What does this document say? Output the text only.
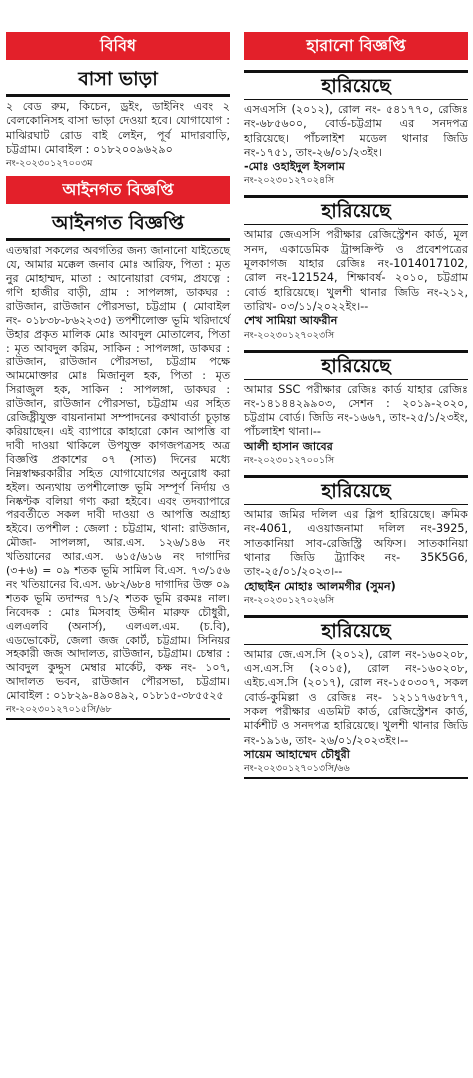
বিবিধ
বাসা ভাড়া
২ বেড রুম, কিচেন, ড্রইং, ডাইনিং এবং ২ বেলকোনিসহ বাসা ভাড়া দেওয়া হবে। যোগাযোগ : মাঝিরঘাট রোড বাই লেইন, পূর্ব মাদারবাড়ি, চট্টগ্রাম। মোবাইল : ০১৮২০০৯৬২৯০
নং-২০২৩০১২৭০০৩ম
আইনগত বিজ্ঞপ্তি
আইনগত বিজ্ঞপ্তি
এতদ্বারা সকলের অবগতির জন্য জানানো যাইতেছে যে, আমার মক্কেল জনাব মোঃ আরিফ, পিতা : মৃত নুর মোহাম্মদ, মাতা : আনোয়ারা বেগম, প্রযত্নে : গণি হাজীর বাড়ী, গ্রাম : সাপলঙ্গা, ডাকঘর : রাউজান, রাউজান পৌরসভা, চট্টগ্রাম ( মোবাইল নং- ০১৮৩৮-৮৬২২৩৫) তপশীলোক্ত ভূমি খরিদার্থে উহার প্রকৃত মালিক মোঃ আবদুল মোতালেব, পিতা : মৃত আবদুল করিম, সাকিন : সাপলঙ্গা, ডাকঘর : রাউজান, রাউজান পৌরসভা, চট্টগ্রাম পক্ষে আমমোক্তার মোঃ মিজানুল হক, পিতা : মৃত সিরাজুল হক, সাকিন : সাপলঙ্গা, ডাকঘর : রাউজান, রাউজান পৌরসভা, চট্টগ্রাম এর সহিত রেজিষ্ট্রীযুক্ত বায়নানামা সম্পাদনের কথাবার্তা চূড়ান্ত করিয়াছেন। এই ব্যাপারে কাহারো কোন আপত্তি বা দাবী দাওয়া থাকিলে উপযুক্ত কাগজপত্রসহ অত্র বিজ্ঞপ্তি প্রকাশের ০৭ (সাত) দিনের মধ্যে নিম্নস্বাক্ষরকারীর সহিত যোগাযোগের অনুরোধ করা হইল। অন্যথায় তপশীলোক্ত ভূমি সম্পূর্ণ নির্দায় ও নিষ্কণ্টক বলিয়া গণ্য করা হইবে। এবং তদব্যাপারে পরবর্তীতে সকল দাবী দাওয়া ও আপত্তি অগ্রাহ্য হইবে। তপশীল : জেলা : চট্টগ্রাম, থানা: রাউজান, মৌজা- সাপলঙ্গা, আর.এস. ১২৬/১৪৬ নং খতিয়ানের আর.এস. ৬১৫/৬১৬ নং দাগাদির (৩+৬) = ০৯ শতক ভূমি সামিল বি.এস. ৭৩/১৫৬ নং খতিয়ানের বি.এস. ৬৮২/৬৮৪ দাগাদির উক্ত ০৯ শতক ভূমি তদান্দর ৭১/২ শতক ভূমি রকমঃ নাল। নিবেদক : মোঃ মিসবাহ উদ্দীন মারুফ চৌধুরী, এলএলবি (অনার্স), এলএল.এম. (চ.বি), এডভোকেট, জেলা জজ কোর্ট, চট্টগ্রাম। সিনিয়র সহকারী জজ আদালত, রাউজান, চট্টগ্রাম। চেম্বার : আবদুল কুদ্দুস মেম্বার মার্কেট, কক্ষ নং- ১০৭, আদালত ভবন, রাউজান পৌরসভা, চট্টগ্রাম। মোবাইল : ০১৮২৯-৪৯০৪৯২, ০১৮১৫-৩৮৫৫২৫
নং-২০২৩০১২৭০১৫সি/৬৮
হারানো বিজ্ঞপ্তি
হারিয়েছে
এসএসসি (২০১২), রোল নং- ৫৪১৭৭০, রেজিঃ নং-৬৮৫৬০০, বোর্ড-চট্টগ্রাম এর সনদপত্র হারিয়েছে। পাঁচলাইশ মডেল থানার জিডি নং-১৭৫১, তাং-২৬/০১/২৩ইং।
-মোঃ ওহাইদুল ইসলাম
নং-২০২৩০১২৭০২৪সি
হারিয়েছে
আমার জেএসসি পরীক্ষার রেজিস্ট্রেশন কার্ড, মূল সনদ, একাডেমিক ট্রান্সক্রিপ্ট ও প্রবেশপত্রের মূলকাগজ যাহার রেজিঃ নং-1014017102, রোল নং-121524, শিক্ষাবর্ষ- ২০১০, চট্টগ্রাম বোর্ড হারিয়েছে। খুলশী থানার জিডি নং-২১২, তারিখ- ০৩/১১/২০২২ইং।--
শেখ সামিয়া আফরীন
নং-২০২৩০১২৭০২৩সি
হারিয়েছে
আমার SSC পরীক্ষার রেজিঃ কার্ড যাহার রেজিঃ নং-১৪১৪৪২৯৯০৩, সেশন : ২০১৯-২০২০, চট্টগ্রাম বোর্ড। জিডি নং-১৬৬৭, তাং-২৫/১/২৩ইং, পাঁচলাইশ থানা।--
আলী হাসান জাবের
নং-২০২৩০১২৭০০১সি
হারিয়েছে
আমার জমির দলিল এর স্লিপ হারিয়েছে। ক্রমিক নং-4061, এওয়াজনামা দলিল নং-3925, সাতকানিয়া সাব-রেজিস্ট্রি অফিস। সাতকানিয়া থানার জিডি ট্র্যাকিং নং- 35K5G6, তাং-২৫/০১/২০২৩।--
হোছাইন মোহাঃ আলমগীর (সুমন)
নং-২০২৩০১২৭০২৬সি
হারিয়েছে
আমার জে.এস.সি (২০১২), রোল নং-১৬০২০৮, এস.এস.সি (২০১৫), রোল নং-১৬০২০৮, এইচ.এস.সি (২০১৭), রোল নং-১৫০৩০৭, সকল বোর্ড-কুমিল্লা ও রেজিঃ নং- ১২১১৭৬৫৮৭৭, সকল পরীক্ষার এডমিট কার্ড, রেজিস্ট্রেশন কার্ড, মার্কশীট ও সনদপত্র হারিয়েছে। খুলশী থানার জিডি নং-১৯১৬, তাং- ২৬/০১/২০২৩ইং।--
সায়েম আহাম্মেদ চৌধুরী
নং-২০২৩০১২৭০১৩সি/৬৬
